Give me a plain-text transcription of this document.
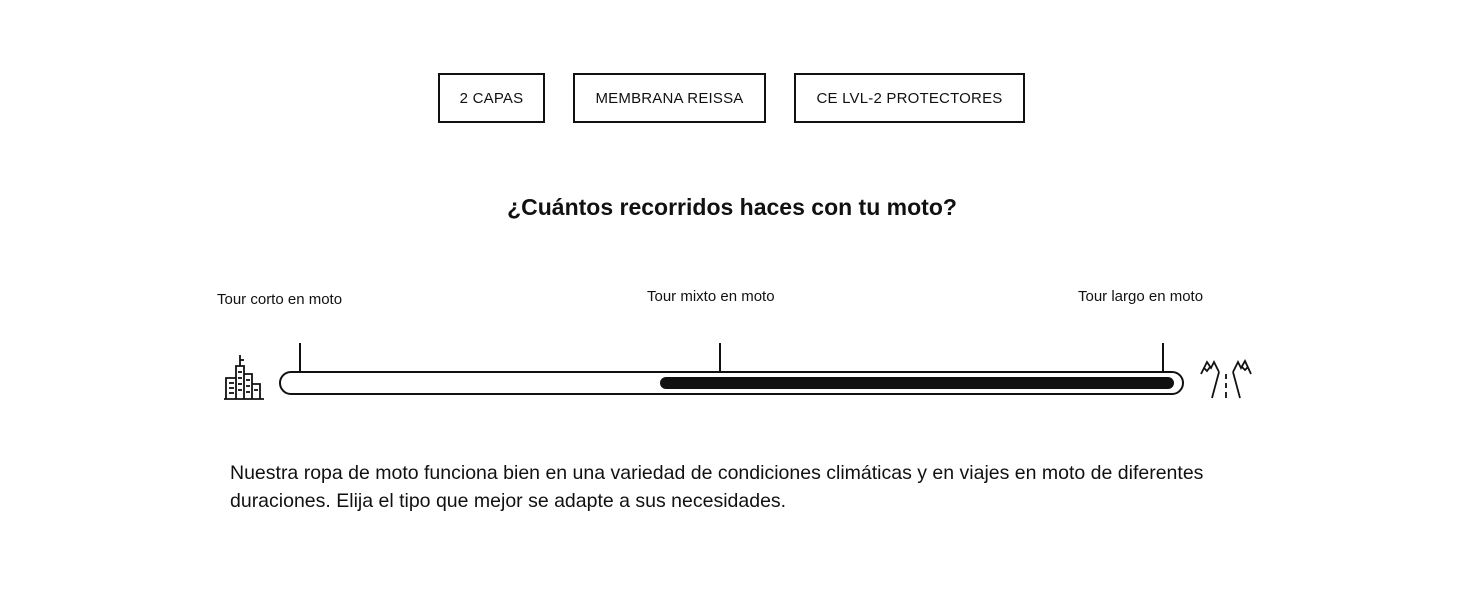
2 CAPAS	MEMBRANA REISSA	CE LVL-2 PROTECTORES
¿Cuántos recorridos haces con tu moto?
Tour corto en moto	Tour mixto en moto	Tour largo en moto
Nuestra ropa de moto funciona bien en una variedad de condiciones climáticas y en viajes en moto de diferentes duraciones. Elija el tipo que mejor se adapte a sus necesidades.
